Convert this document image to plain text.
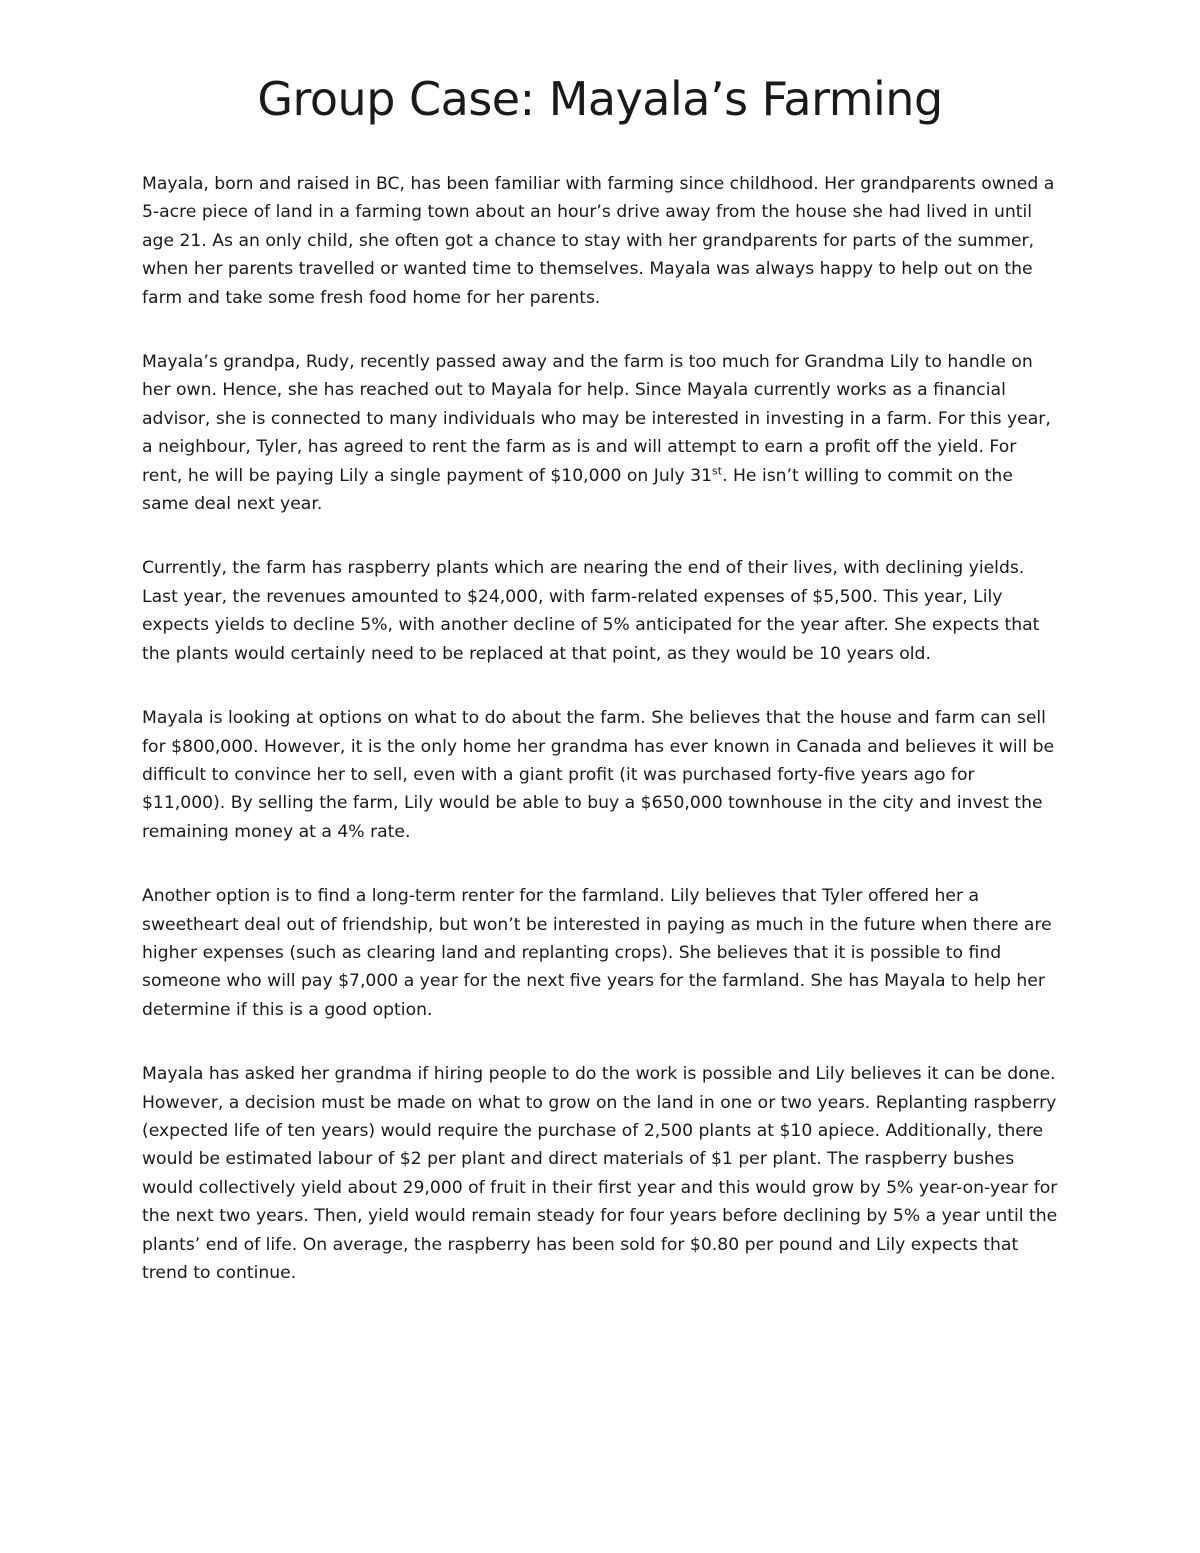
Group Case: Mayala’s Farming

Mayala, born and raised in BC, has been familiar with farming since childhood. Her grandparents owned a 5-acre piece of land in a farming town about an hour’s drive away from the house she had lived in until age 21. As an only child, she often got a chance to stay with her grandparents for parts of the summer, when her parents travelled or wanted time to themselves. Mayala was always happy to help out on the farm and take some fresh food home for her parents.

Mayala’s grandpa, Rudy, recently passed away and the farm is too much for Grandma Lily to handle on her own. Hence, she has reached out to Mayala for help. Since Mayala currently works as a financial advisor, she is connected to many individuals who may be interested in investing in a farm. For this year, a neighbour, Tyler, has agreed to rent the farm as is and will attempt to earn a profit off the yield. For rent, he will be paying Lily a single payment of $10,000 on July 31st. He isn’t willing to commit on the same deal next year.

Currently, the farm has raspberry plants which are nearing the end of their lives, with declining yields. Last year, the revenues amounted to $24,000, with farm-related expenses of $5,500. This year, Lily expects yields to decline 5%, with another decline of 5% anticipated for the year after. She expects that the plants would certainly need to be replaced at that point, as they would be 10 years old.

Mayala is looking at options on what to do about the farm. She believes that the house and farm can sell for $800,000. However, it is the only home her grandma has ever known in Canada and believes it will be difficult to convince her to sell, even with a giant profit (it was purchased forty-five years ago for $11,000). By selling the farm, Lily would be able to buy a $650,000 townhouse in the city and invest the remaining money at a 4% rate.

Another option is to find a long-term renter for the farmland. Lily believes that Tyler offered her a sweetheart deal out of friendship, but won’t be interested in paying as much in the future when there are higher expenses (such as clearing land and replanting crops). She believes that it is possible to find someone who will pay $7,000 a year for the next five years for the farmland. She has Mayala to help her determine if this is a good option.

Mayala has asked her grandma if hiring people to do the work is possible and Lily believes it can be done. However, a decision must be made on what to grow on the land in one or two years. Replanting raspberry (expected life of ten years) would require the purchase of 2,500 plants at $10 apiece. Additionally, there would be estimated labour of $2 per plant and direct materials of $1 per plant. The raspberry bushes would collectively yield about 29,000 of fruit in their first year and this would grow by 5% year-on-year for the next two years. Then, yield would remain steady for four years before declining by 5% a year until the plants’ end of life. On average, the raspberry has been sold for $0.80 per pound and Lily expects that trend to continue.
